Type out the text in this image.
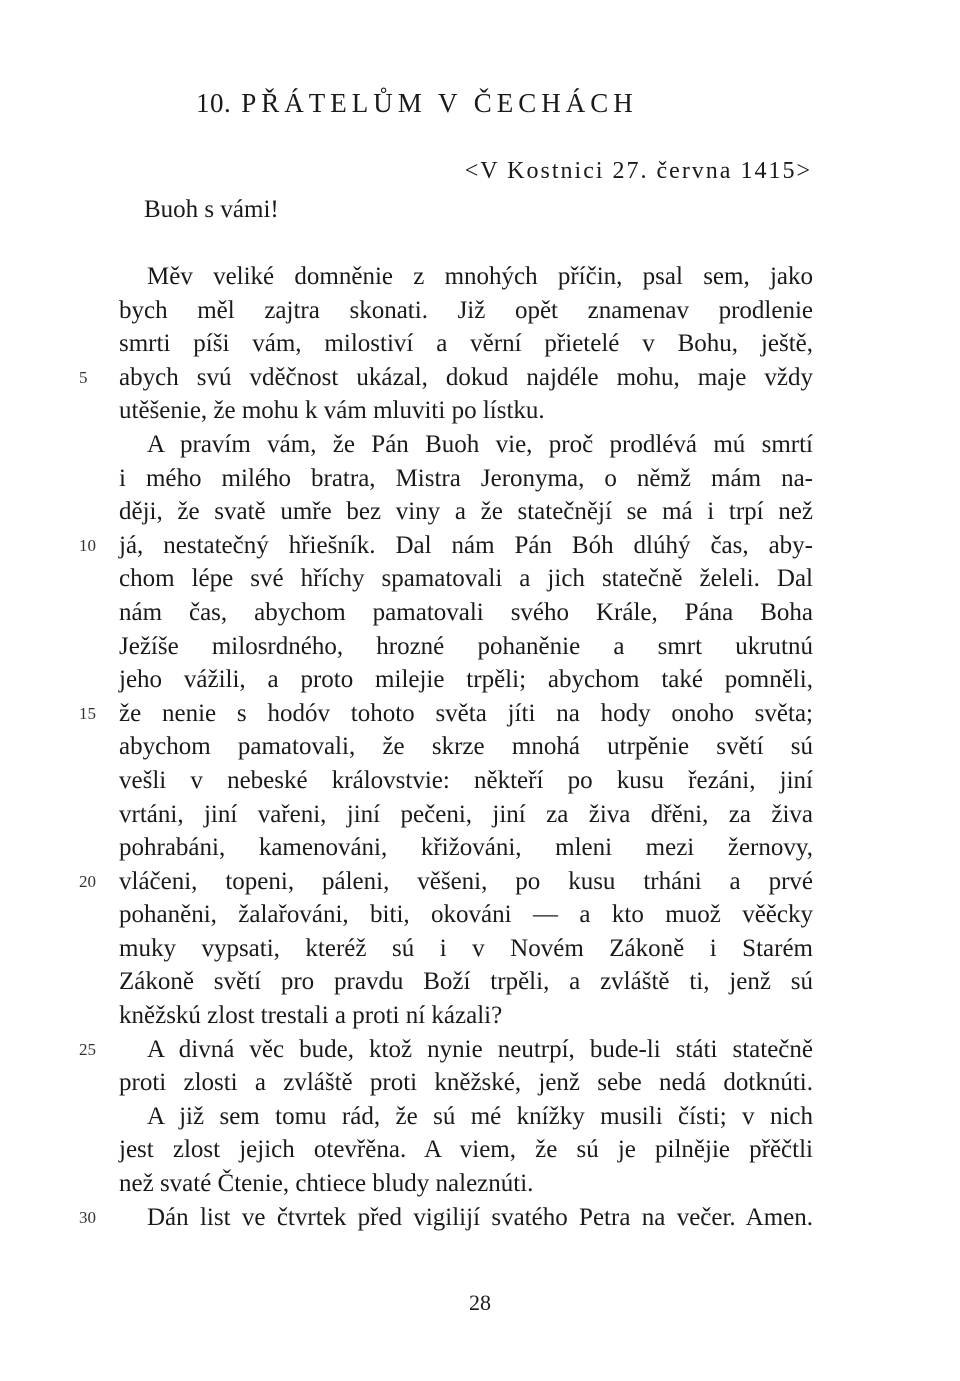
10. PŘÁTELŮM V ČECHÁCH
<V Kostnici 27. června 1415>
Buoh s vámi!
5
10
15
20
25
30
Měv veliké domněnie z mnohých příčin, psal sem, jako
bych měl zajtra skonati. Již opět znamenav prodlenie
smrti píši vám, milostiví a věrní přietelé v Bohu, ještě,
abych svú vděčnost ukázal, dokud najdéle mohu, maje vždy
utěšenie, že mohu k vám mluviti po lístku.
A pravím vám, že Pán Buoh vie, proč prodlévá mú smrtí
i mého milého bratra, Mistra Jeronyma, o němž mám na-
ději, že svatě umře bez viny a že statečnějí se má i trpí než
já, nestatečný hřiešník. Dal nám Pán Bóh dlúhý čas, aby-
chom lépe své hříchy spamatovali a jich statečně želeli. Dal
nám čas, abychom pamatovali svého Krále, Pána Boha
Ježíše milosrdného, hrozné pohaněnie a smrt ukrutnú
jeho vážili, a proto milejie trpěli; abychom také pomněli,
že nenie s hodóv tohoto světa jíti na hody onoho světa;
abychom pamatovali, že skrze mnohá utrpěnie světí sú
vešli v nebeské královstvie: někteří po kusu řezáni, jiní
vrtáni, jiní vařeni, jiní pečeni, jiní za živa dřěni, za živa
pohrabáni, kamenováni, křižováni, mleni mezi žernovy,
vláčeni, topeni, páleni, věšeni, po kusu trháni a prvé
pohaněni, žalařováni, biti, okováni — a kto muož věěcky
muky vypsati, kteréž sú i v Novém Zákoně i Starém
Zákoně světí pro pravdu Boží trpěli, a zvláště ti, jenž sú
kněžskú zlost trestali a proti ní kázali?
A divná věc bude, ktož nynie neutrpí, bude-li státi statečně
proti zlosti a zvláště proti kněžské, jenž sebe nedá dotknúti.
A již sem tomu rád, že sú mé knížky musili čísti; v nich
jest zlost jejich otevřěna. A viem, že sú je pilnějie přěčtli
než svaté Čtenie, chtiece bludy naleznúti.
Dán list ve čtvrtek před vigilijí svatého Petra na večer. Amen.
28
